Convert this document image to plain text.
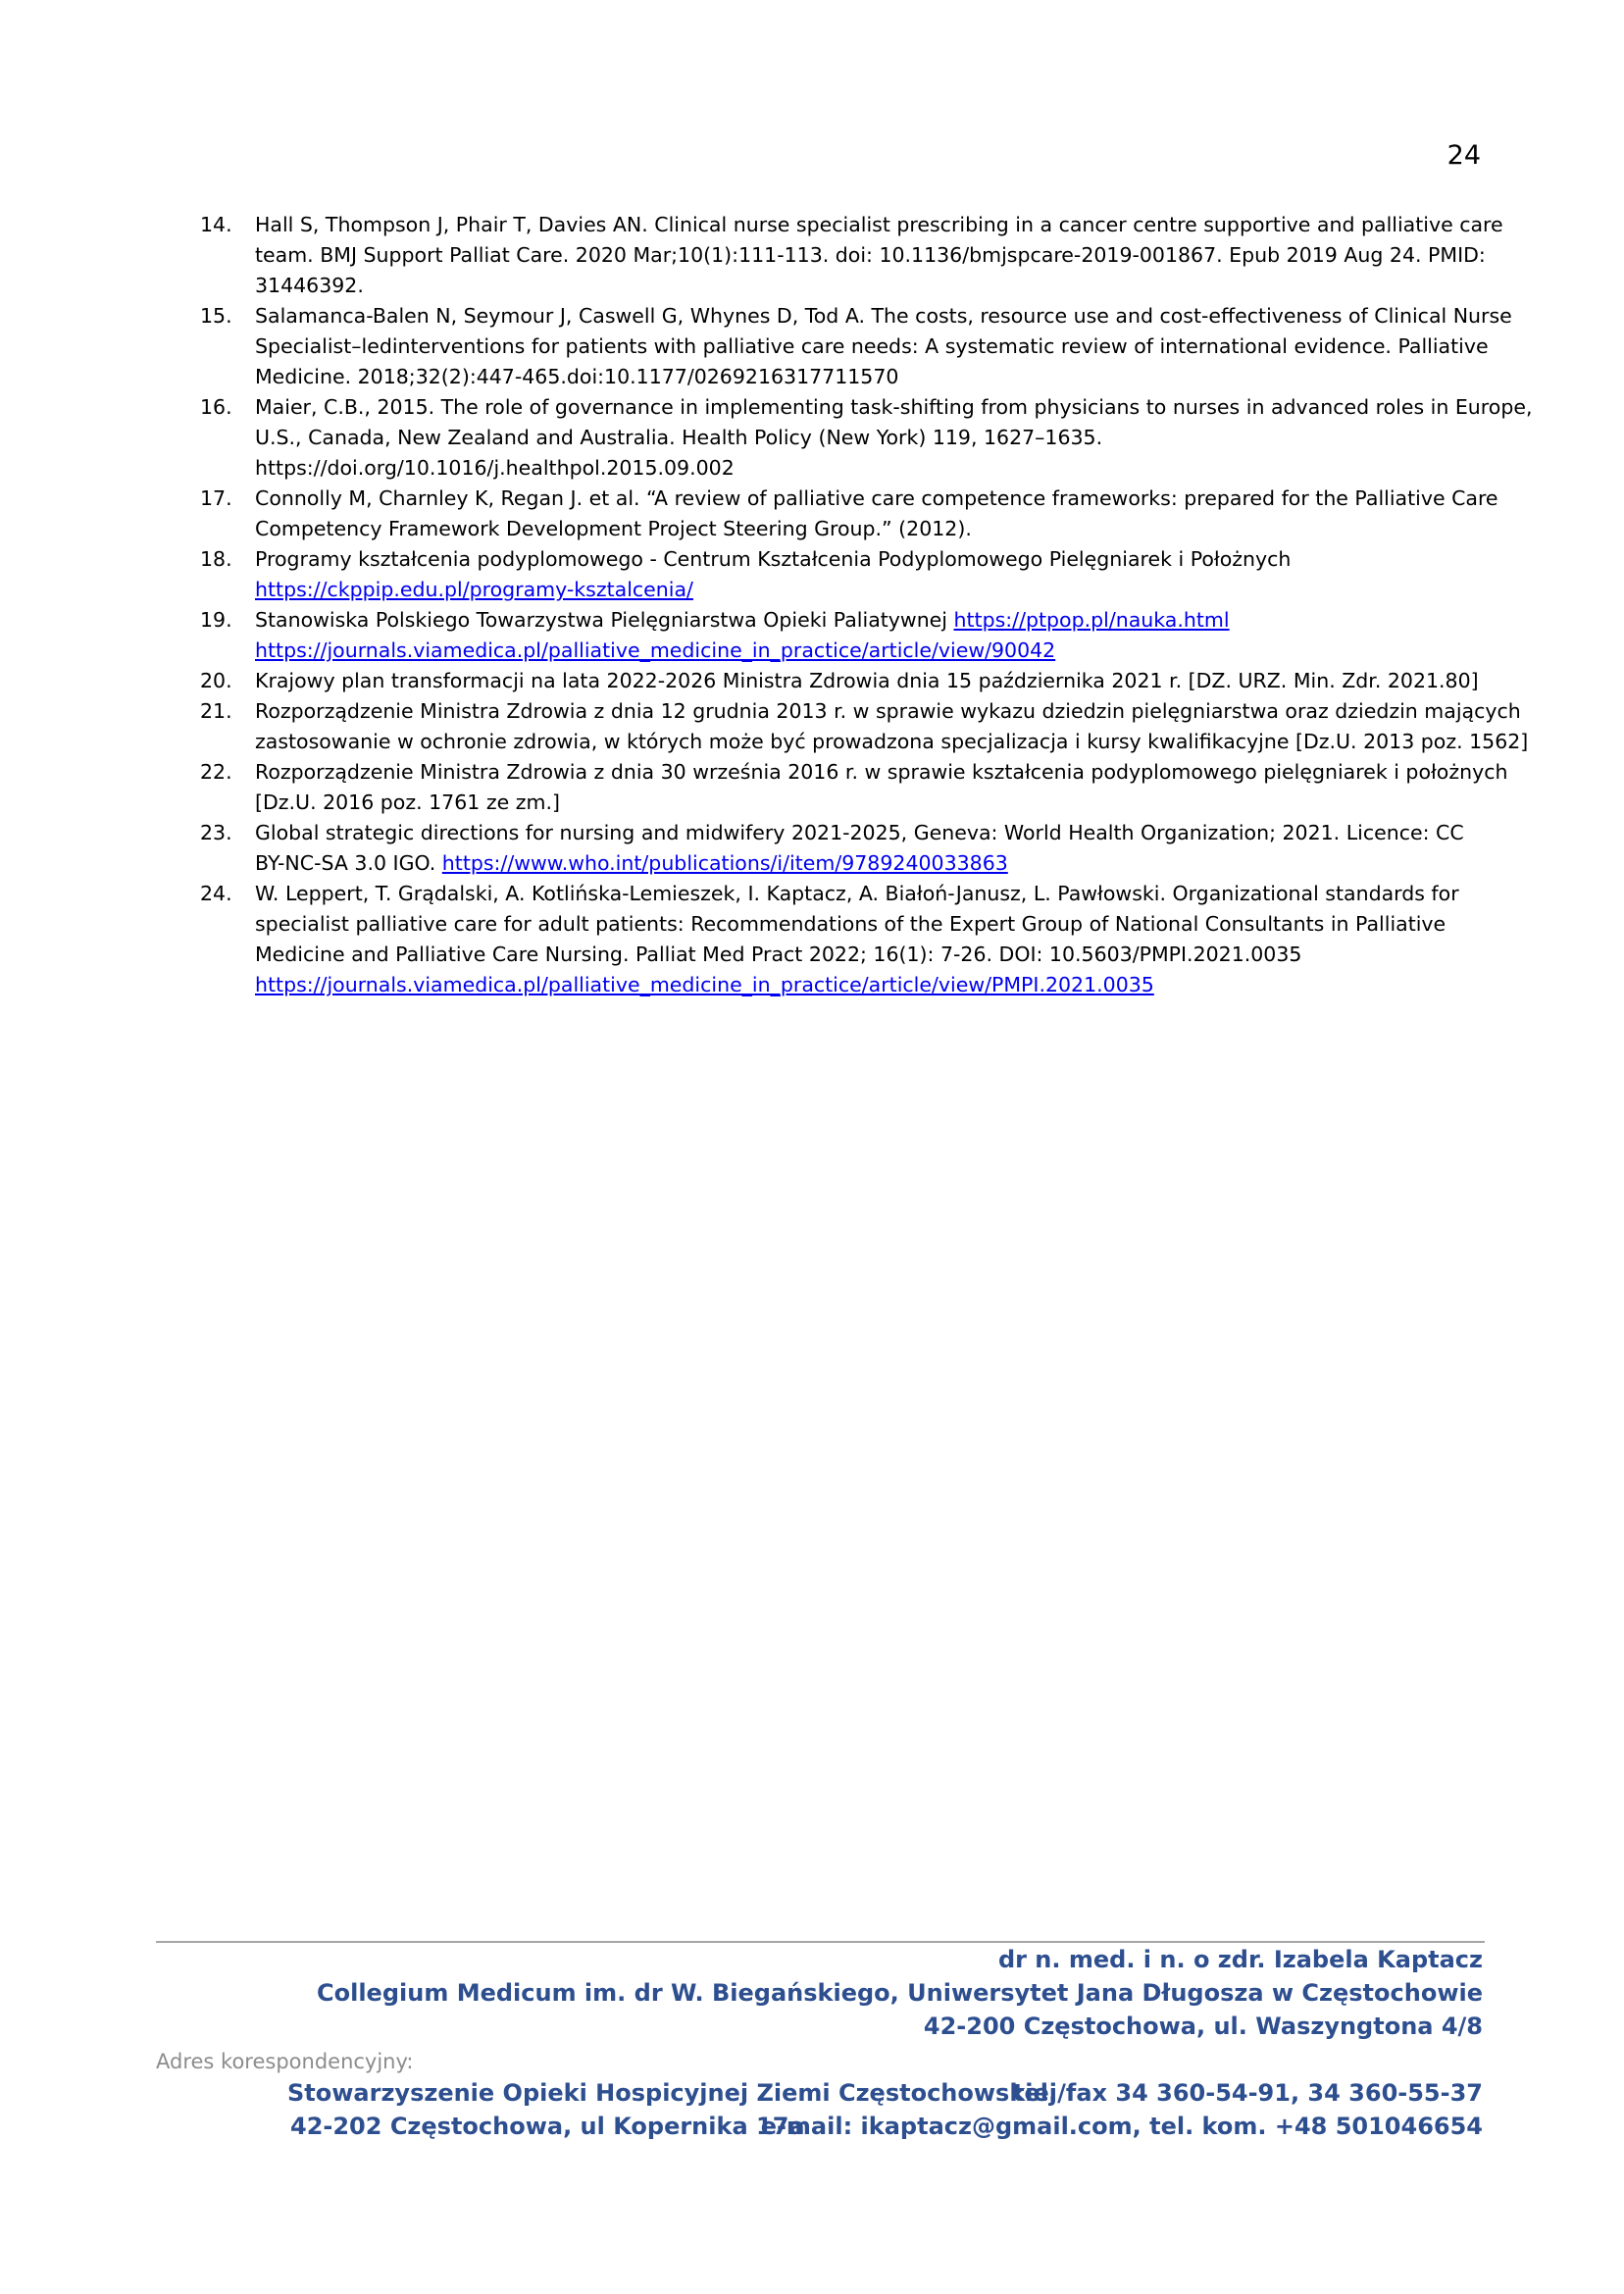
24
14. Hall S, Thompson J, Phair T, Davies AN. Clinical nurse specialist prescribing in a cancer centre supportive and palliative care
team. BMJ Support Palliat Care. 2020 Mar;10(1):111-113. doi: 10.1136/bmjspcare-2019-001867. Epub 2019 Aug 24. PMID:
31446392.
15. Salamanca-Balen N, Seymour J, Caswell G, Whynes D, Tod A. The costs, resource use and cost-effectiveness of Clinical Nurse
Specialist–ledinterventions for patients with palliative care needs: A systematic review of international evidence. Palliative
Medicine. 2018;32(2):447-465.doi:10.1177/0269216317711570
16. Maier, C.B., 2015. The role of governance in implementing task-shifting from physicians to nurses in advanced roles in Europe,
U.S., Canada, New Zealand and Australia. Health Policy (New York) 119, 1627–1635.
https://doi.org/10.1016/j.healthpol.2015.09.002
17. Connolly M, Charnley K, Regan J. et al. “A review of palliative care competence frameworks: prepared for the Palliative Care
Competency Framework Development Project Steering Group.” (2012).
18. Programy kształcenia podyplomowego - Centrum Kształcenia Podyplomowego Pielęgniarek i Położnych
https://ckppip.edu.pl/programy-ksztalcenia/
19. Stanowiska Polskiego Towarzystwa Pielęgniarstwa Opieki Paliatywnej https://ptpop.pl/nauka.html
https://journals.viamedica.pl/palliative_medicine_in_practice/article/view/90042
20. Krajowy plan transformacji na lata 2022-2026 Ministra Zdrowia dnia 15 października 2021 r. [DZ. URZ. Min. Zdr. 2021.80]
21. Rozporządzenie Ministra Zdrowia z dnia 12 grudnia 2013 r. w sprawie wykazu dziedzin pielęgniarstwa oraz dziedzin mających
zastosowanie w ochronie zdrowia, w których może być prowadzona specjalizacja i kursy kwalifikacyjne [Dz.U. 2013 poz. 1562]
22. Rozporządzenie Ministra Zdrowia z dnia 30 września 2016 r. w sprawie kształcenia podyplomowego pielęgniarek i położnych
[Dz.U. 2016 poz. 1761 ze zm.]
23. Global strategic directions for nursing and midwifery 2021-2025, Geneva: World Health Organization; 2021. Licence: CC
BY-NC-SA 3.0 IGO. https://www.who.int/publications/i/item/9789240033863
24. W. Leppert, T. Grądalski, A. Kotlińska-Lemieszek, I. Kaptacz, A. Białoń-Janusz, L. Pawłowski. Organizational standards for
specialist palliative care for adult patients: Recommendations of the Expert Group of National Consultants in Palliative
Medicine and Palliative Care Nursing. Palliat Med Pract 2022; 16(1): 7-26. DOI: 10.5603/PMPI.2021.0035
https://journals.viamedica.pl/palliative_medicine_in_practice/article/view/PMPI.2021.0035
dr n. med. i n. o zdr. Izabela Kaptacz
Collegium Medicum im. dr W. Biegańskiego, Uniwersytet Jana Długosza w Częstochowie
42-200 Częstochowa, ul. Waszyngtona 4/8
Adres korespondencyjny:
Stowarzyszenie Opieki Hospicyjnej Ziemi Częstochowskiej
tel./fax 34 360-54-91, 34 360-55-37
42-202 Częstochowa, ul Kopernika 17a
e-mail: ikaptacz@gmail.com, tel. kom. +48 501046654
